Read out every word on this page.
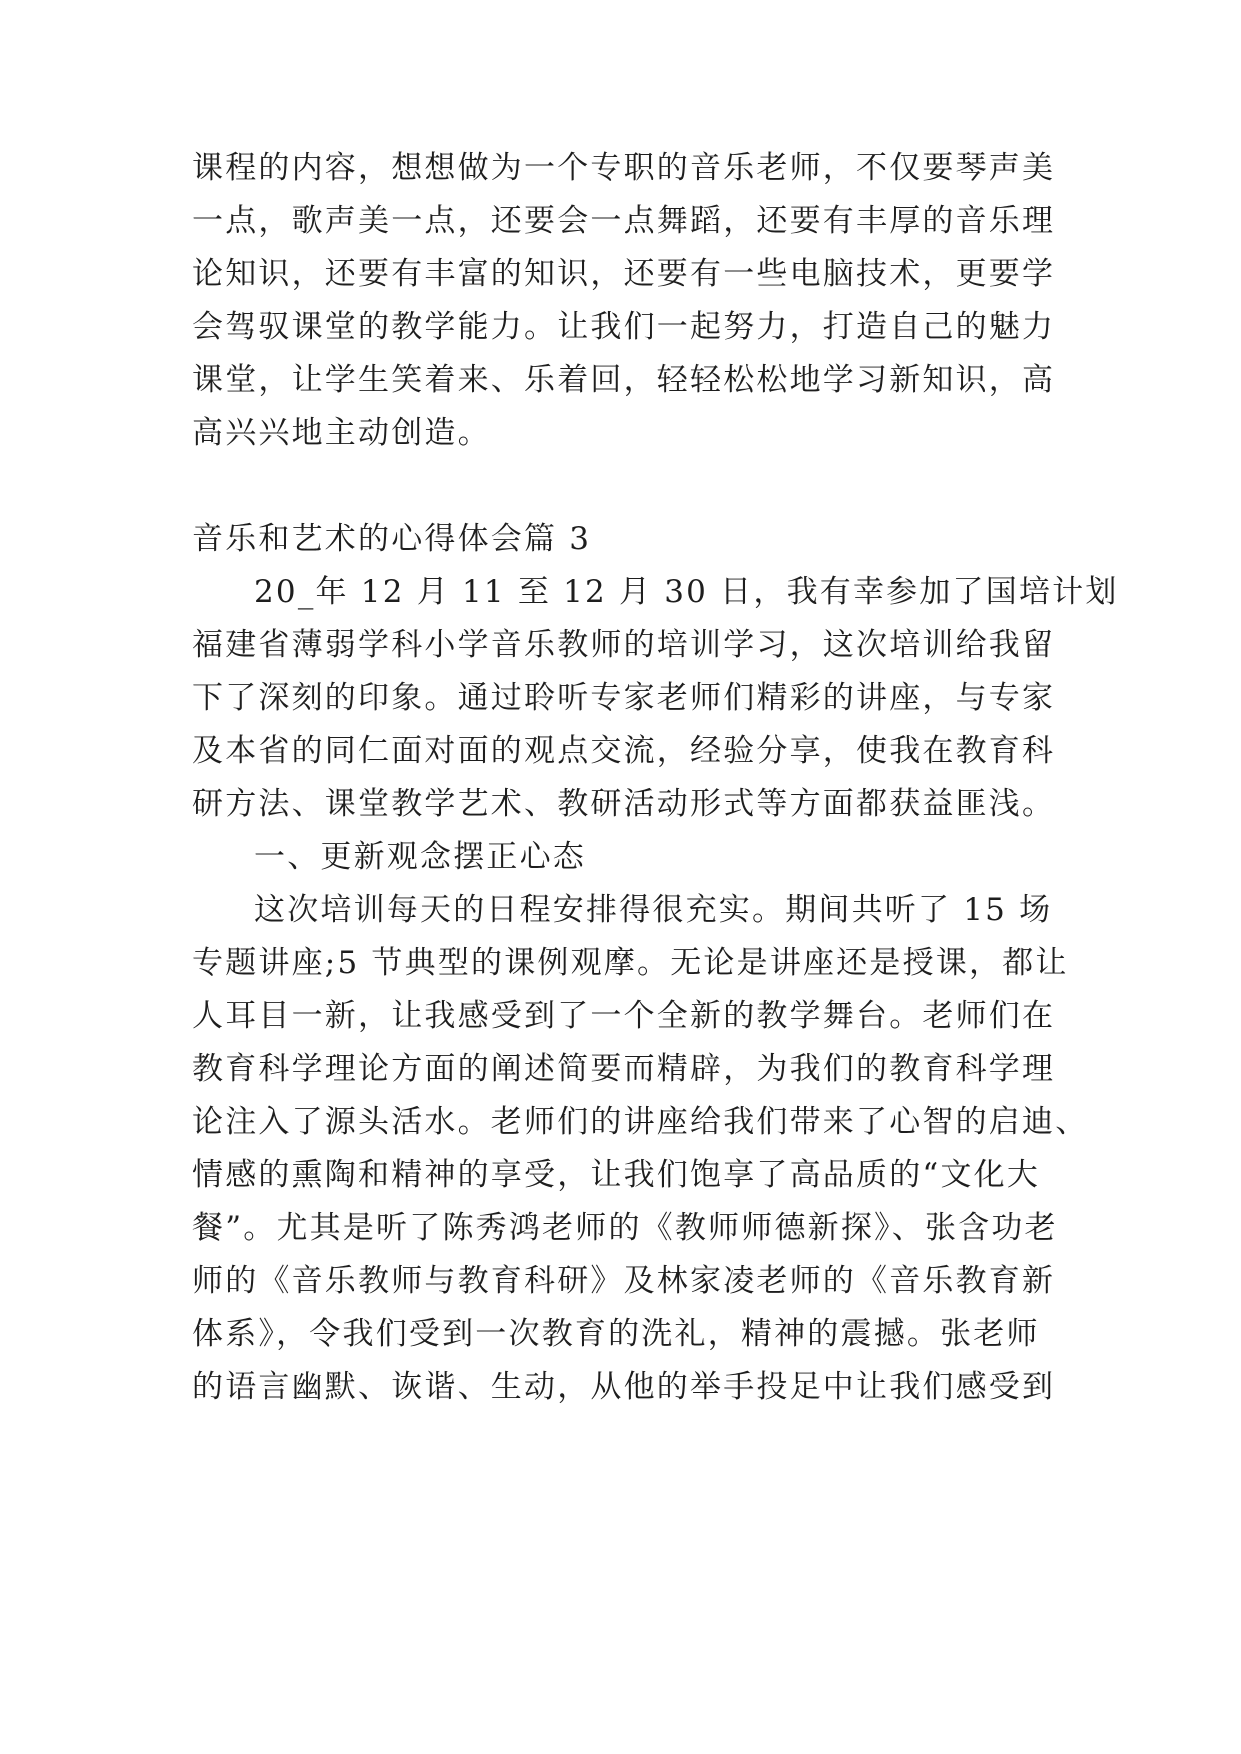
课程的内容，想想做为一个专职的音乐老师，不仅要琴声美
一点，歌声美一点，还要会一点舞蹈，还要有丰厚的音乐理
论知识，还要有丰富的知识，还要有一些电脑技术，更要学
会驾驭课堂的教学能力。让我们一起努力，打造自己的魅力
课堂，让学生笑着来、乐着回，轻轻松松地学习新知识，高
高兴兴地主动创造。
音乐和艺术的心得体会篇 3
20_年 12 月 11 至 12 月 30 日，我有幸参加了国培计划
福建省薄弱学科小学音乐教师的培训学习，这次培训给我留
下了深刻的印象。通过聆听专家老师们精彩的讲座，与专家
及本省的同仁面对面的观点交流，经验分享，使我在教育科
研方法、课堂教学艺术、教研活动形式等方面都获益匪浅。
一、更新观念摆正心态
这次培训每天的日程安排得很充实。期间共听了 15 场
专题讲座;5 节典型的课例观摩。无论是讲座还是授课，都让
人耳目一新，让我感受到了一个全新的教学舞台。老师们在
教育科学理论方面的阐述简要而精辟，为我们的教育科学理
论注入了源头活水。老师们的讲座给我们带来了心智的启迪、
情感的熏陶和精神的享受，让我们饱享了高品质的“文化大
餐”。尤其是听了陈秀鸿老师的《教师师德新探》、张含功老
师的《音乐教师与教育科研》及林家凌老师的《音乐教育新
体系》，令我们受到一次教育的洗礼，精神的震撼。张老师
的语言幽默、诙谐、生动，从他的举手投足中让我们感受到
